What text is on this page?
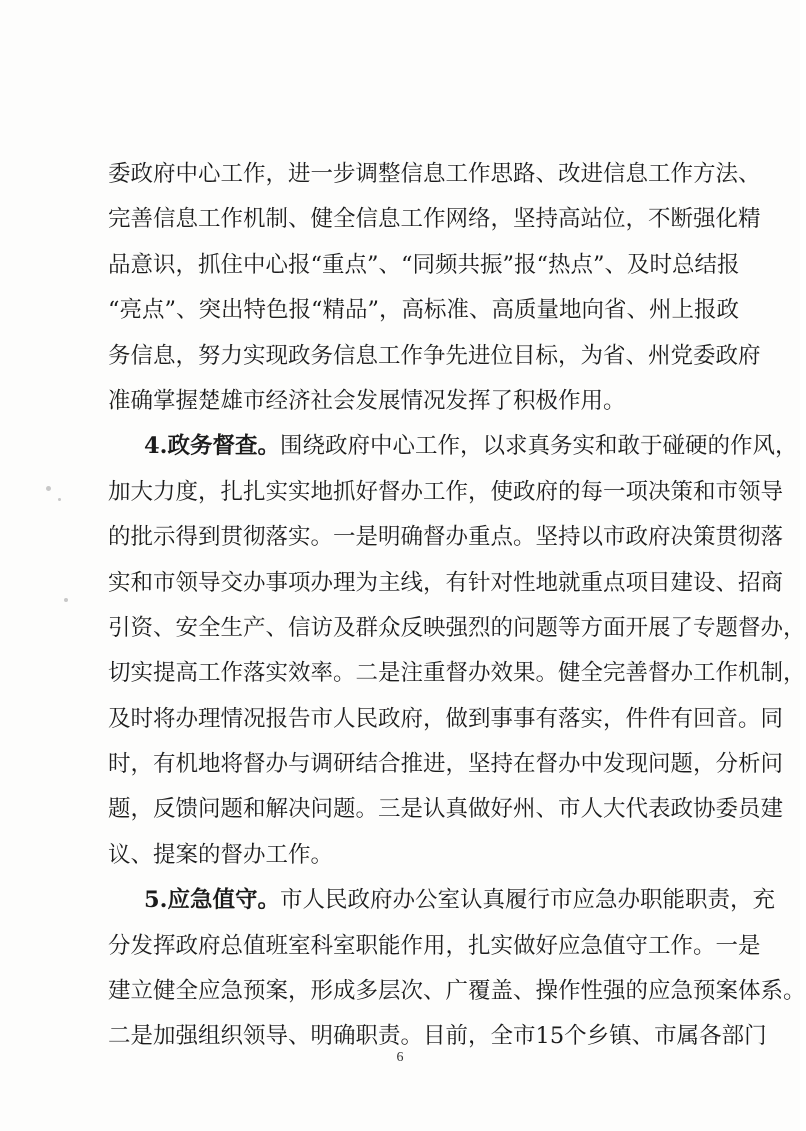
委政府中心工作，进一步调整信息工作思路、改进信息工作方法、
完善信息工作机制、健全信息工作网络，坚持高站位，不断强化精
品意识，抓住中心报“重点”、“同频共振”报“热点”、及时总结报
“亮点”、突出特色报“精品”，高标准、高质量地向省、州上报政
务信息，努力实现政务信息工作争先进位目标，为省、州党委政府
准确掌握楚雄市经济社会发展情况发挥了积极作用。
4.政务督查。围绕政府中心工作，以求真务实和敢于碰硬的作风，
加大力度，扎扎实实地抓好督办工作，使政府的每一项决策和市领导
的批示得到贯彻落实。一是明确督办重点。坚持以市政府决策贯彻落
实和市领导交办事项办理为主线，有针对性地就重点项目建设、招商
引资、安全生产、信访及群众反映强烈的问题等方面开展了专题督办，
切实提高工作落实效率。二是注重督办效果。健全完善督办工作机制，
及时将办理情况报告市人民政府，做到事事有落实，件件有回音。同
时，有机地将督办与调研结合推进，坚持在督办中发现问题，分析问
题，反馈问题和解决问题。三是认真做好州、市人大代表政协委员建
议、提案的督办工作。
5.应急值守。市人民政府办公室认真履行市应急办职能职责，充
分发挥政府总值班室科室职能作用，扎实做好应急值守工作。一是
建立健全应急预案，形成多层次、广覆盖、操作性强的应急预案体系。
二是加强组织领导、明确职责。目前，全市15个乡镇、市属各部门
6
